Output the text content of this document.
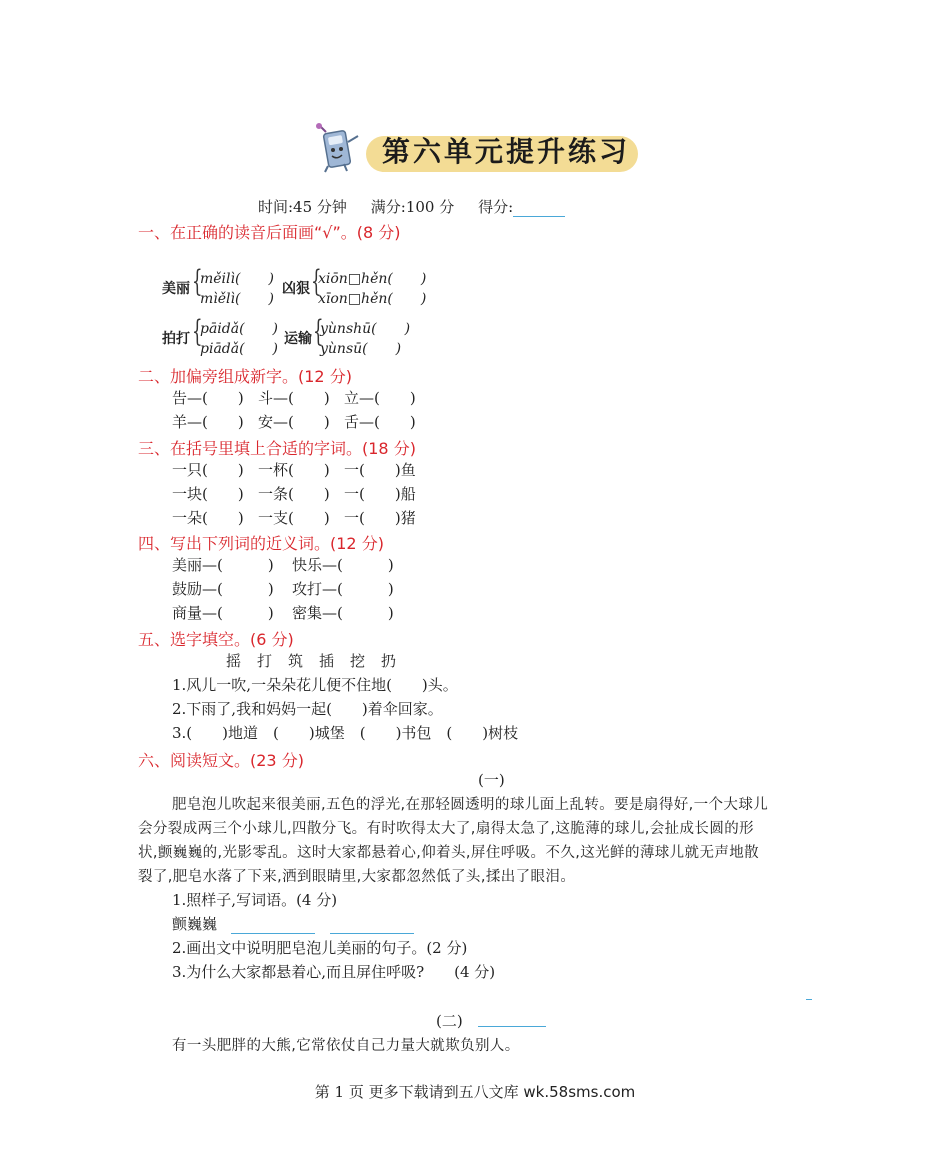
第六单元提升练习
时间:45 分钟 满分:100 分 得分:
一、在正确的读音后面画“√”。(8 分)
美丽 {
měilì(　　)
mìělì(　　)
凶狠 {
xiōn□hěn(　　)
xīon□hěn(　　)
拍打 {
pāidǎ(　　)
piādǎ(　　)
运输 {
yùnshū(　　)
yùnsū(　　)
二、加偏旁组成新字。(12 分)
告—(　　) 斗—(　　) 立—(　　)
羊—(　　) 安—(　　) 舌—(　　)
三、在括号里填上合适的字词。(18 分)
一只(　　) 一杯(　　) 一(　　)鱼
一块(　　) 一条(　　) 一(　　)船
一朵(　　) 一支(　　) 一(　　)猪
四、写出下列词的近义词。(12 分)
美丽—(　　　) 快乐—(　　　)
鼓励—(　　　) 攻打—(　　　)
商量—(　　　) 密集—(　　　)
五、选字填空。(6 分)
摇 打 筑 插 挖 扔
1.风儿一吹,一朵朵花儿便不住地(　　)头。
2.下雨了,我和妈妈一起(　　)着伞回家。
3.(　　)地道　(　　)城堡　(　　)书包　(　　)树枝
六、阅读短文。(23 分)
(一)
肥皂泡儿吹起来很美丽,五色的浮光,在那轻圆透明的球儿面上乱转。要是扇得好,一个大球儿
会分裂成两三个小球儿,四散分飞。有时吹得太大了,扇得太急了,这脆薄的球儿,会扯成长圆的形
状,颤巍巍的,光影零乱。这时大家都悬着心,仰着头,屏住呼吸。不久,这光鲜的薄球儿就无声地散
裂了,肥皂水落了下来,洒到眼睛里,大家都忽然低了头,揉出了眼泪。
1.照样子,写词语。(4 分)
颤巍巍
2.画出文中说明肥皂泡儿美丽的句子。(2 分)
3.为什么大家都悬着心,而且屏住呼吸?　　(4 分)
(二)
有一头肥胖的大熊,它常依仗自己力量大就欺负别人。
第 1 页 更多下载请到五八文库 wk.58sms.com
